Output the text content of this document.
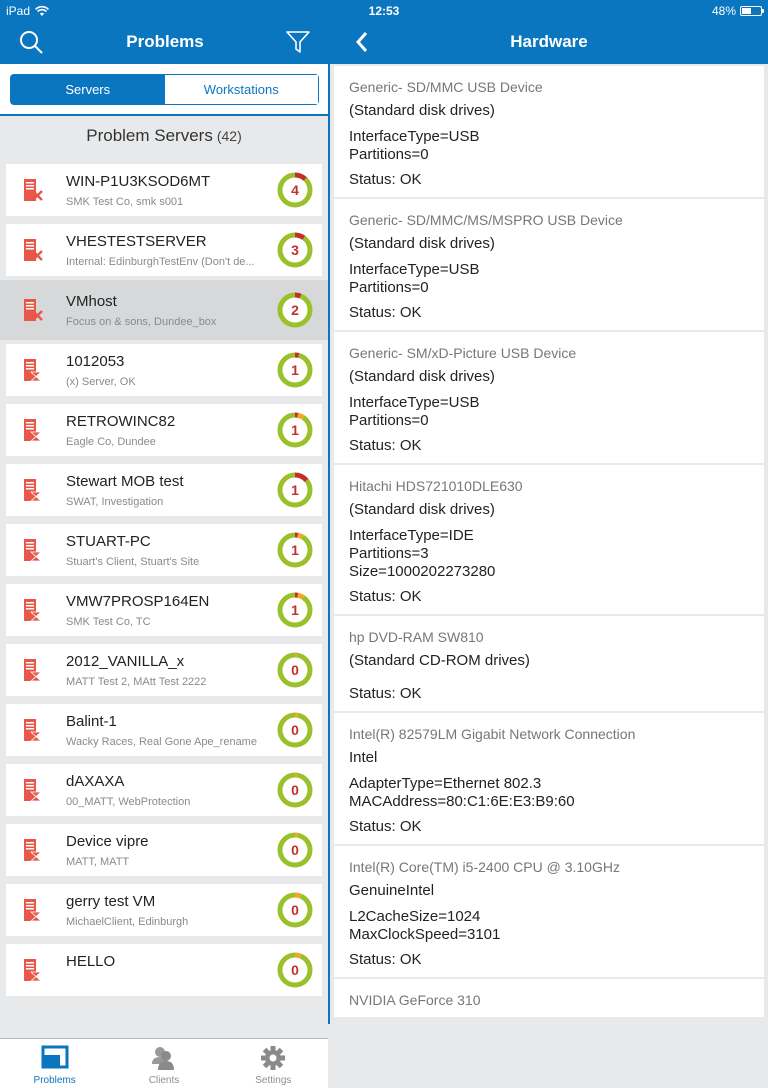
iPad	12:53	48%
Problems	Hardware
Servers	Workstations
Problem Servers (42)
WIN-P1U3KSOD6MT
SMK Test Co, smk s001
4
VHESTESTSERVER
Internal: EdinburghTestEnv (Don't de...
3
VMhost
Focus on & sons, Dundee_box
2
1012053
(x) Server, OK
1
RETROWINC82
Eagle Co, Dundee
1
Stewart MOB test
SWAT, Investigation
1
STUART-PC
Stuart's Client, Stuart's Site
1
VMW7PROSP164EN
SMK Test Co, TC
1
2012_VANILLA_x
MATT Test 2, MAtt Test 2222
0
Balint-1
Wacky Races, Real Gone Ape_rename
0
dAXAXA
00_MATT, WebProtection
0
Device vipre
MATT, MATT
0
gerry test VM
MichaelClient, Edinburgh
0
HELLO	0
Problems	Clients	Settings
Generic- SD/MMC USB Device
(Standard disk drives)
InterfaceType=USB
Partitions=0
Status: OK
Generic- SD/MMC/MS/MSPRO USB Device
(Standard disk drives)
InterfaceType=USB
Partitions=0
Status: OK
Generic- SM/xD-Picture USB Device
(Standard disk drives)
InterfaceType=USB
Partitions=0
Status: OK
Hitachi HDS721010DLE630
(Standard disk drives)
InterfaceType=IDE
Partitions=3
Size=1000202273280
Status: OK
hp DVD-RAM SW810
(Standard CD-ROM drives)
Status: OK
Intel(R) 82579LM Gigabit Network Connection
Intel
AdapterType=Ethernet 802.3
MACAddress=80:C1:6E:E3:B9:60
Status: OK
Intel(R) Core(TM) i5-2400 CPU @ 3.10GHz
GenuineIntel
L2CacheSize=1024
MaxClockSpeed=3101
Status: OK
NVIDIA GeForce 310
